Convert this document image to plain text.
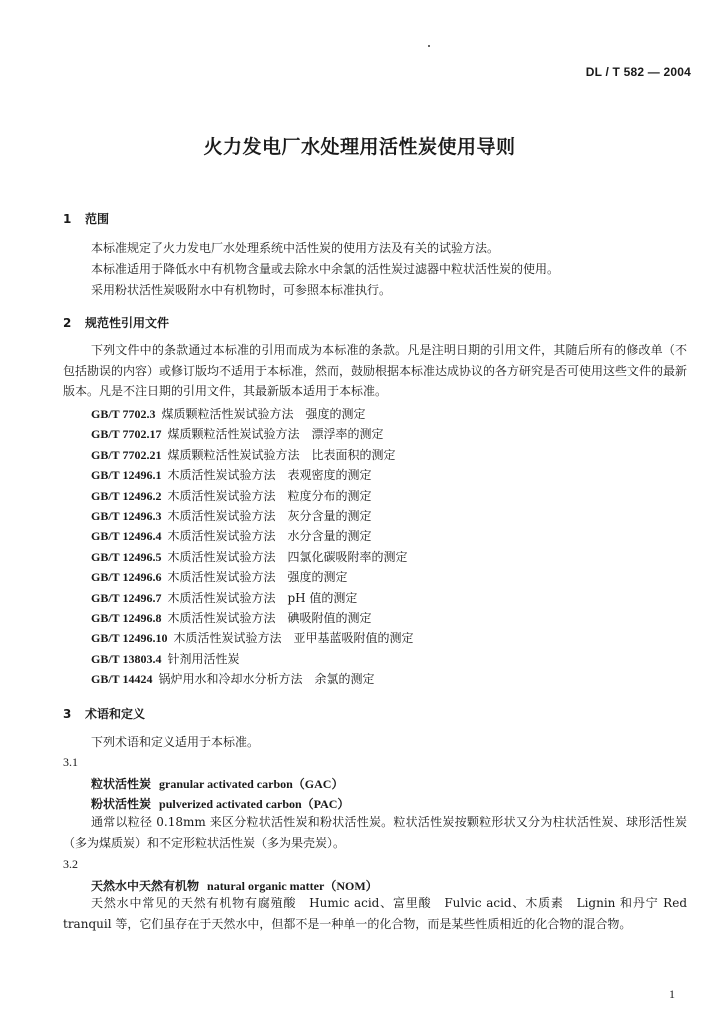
DL / T 582 — 2004
火力发电厂水处理用活性炭使用导则
1 范围
本标准规定了火力发电厂水处理系统中活性炭的使用方法及有关的试验方法。
本标准适用于降低水中有机物含量或去除水中余氯的活性炭过滤器中粒状活性炭的使用。
采用粉状活性炭吸附水中有机物时，可参照本标准执行。
2 规范性引用文件
下列文件中的条款通过本标准的引用而成为本标准的条款。凡是注明日期的引用文件，其随后所有的修改单（不包括勘误的内容）或修订版均不适用于本标准，然而，鼓励根据本标准达成协议的各方研究是否可使用这些文件的最新版本。凡是不注日期的引用文件，其最新版本适用于本标准。
GB/T 7702.3 煤质颗粒活性炭试验方法　强度的测定
GB/T 7702.17 煤质颗粒活性炭试验方法　漂浮率的测定
GB/T 7702.21 煤质颗粒活性炭试验方法　比表面积的测定
GB/T 12496.1 木质活性炭试验方法　表观密度的测定
GB/T 12496.2 木质活性炭试验方法　粒度分布的测定
GB/T 12496.3 木质活性炭试验方法　灰分含量的测定
GB/T 12496.4 木质活性炭试验方法　水分含量的测定
GB/T 12496.5 木质活性炭试验方法　四氯化碳吸附率的测定
GB/T 12496.6 木质活性炭试验方法　强度的测定
GB/T 12496.7 木质活性炭试验方法　pH 值的测定
GB/T 12496.8 木质活性炭试验方法　碘吸附值的测定
GB/T 12496.10 木质活性炭试验方法　亚甲基蓝吸附值的测定
GB/T 13803.4 针剂用活性炭
GB/T 14424 锅炉用水和冷却水分析方法　余氯的测定
3 术语和定义
下列术语和定义适用于本标准。
3.1
粒状活性炭 granular activated carbon（GAC）
粉状活性炭 pulverized activated carbon（PAC）
通常以粒径 0.18mm 来区分粒状活性炭和粉状活性炭。粒状活性炭按颗粒形状又分为柱状活性炭、球形活性炭（多为煤质炭）和不定形粒状活性炭（多为果壳炭）。
3.2
天然水中天然有机物 natural organic matter（NOM）
天然水中常见的天然有机物有腐殖酸　Humic acid、富里酸　Fulvic acid、木质素　Lignin 和丹宁 Red tranquil 等，它们虽存在于天然水中，但都不是一种单一的化合物，而是某些性质相近的化合物的混合物。
1
